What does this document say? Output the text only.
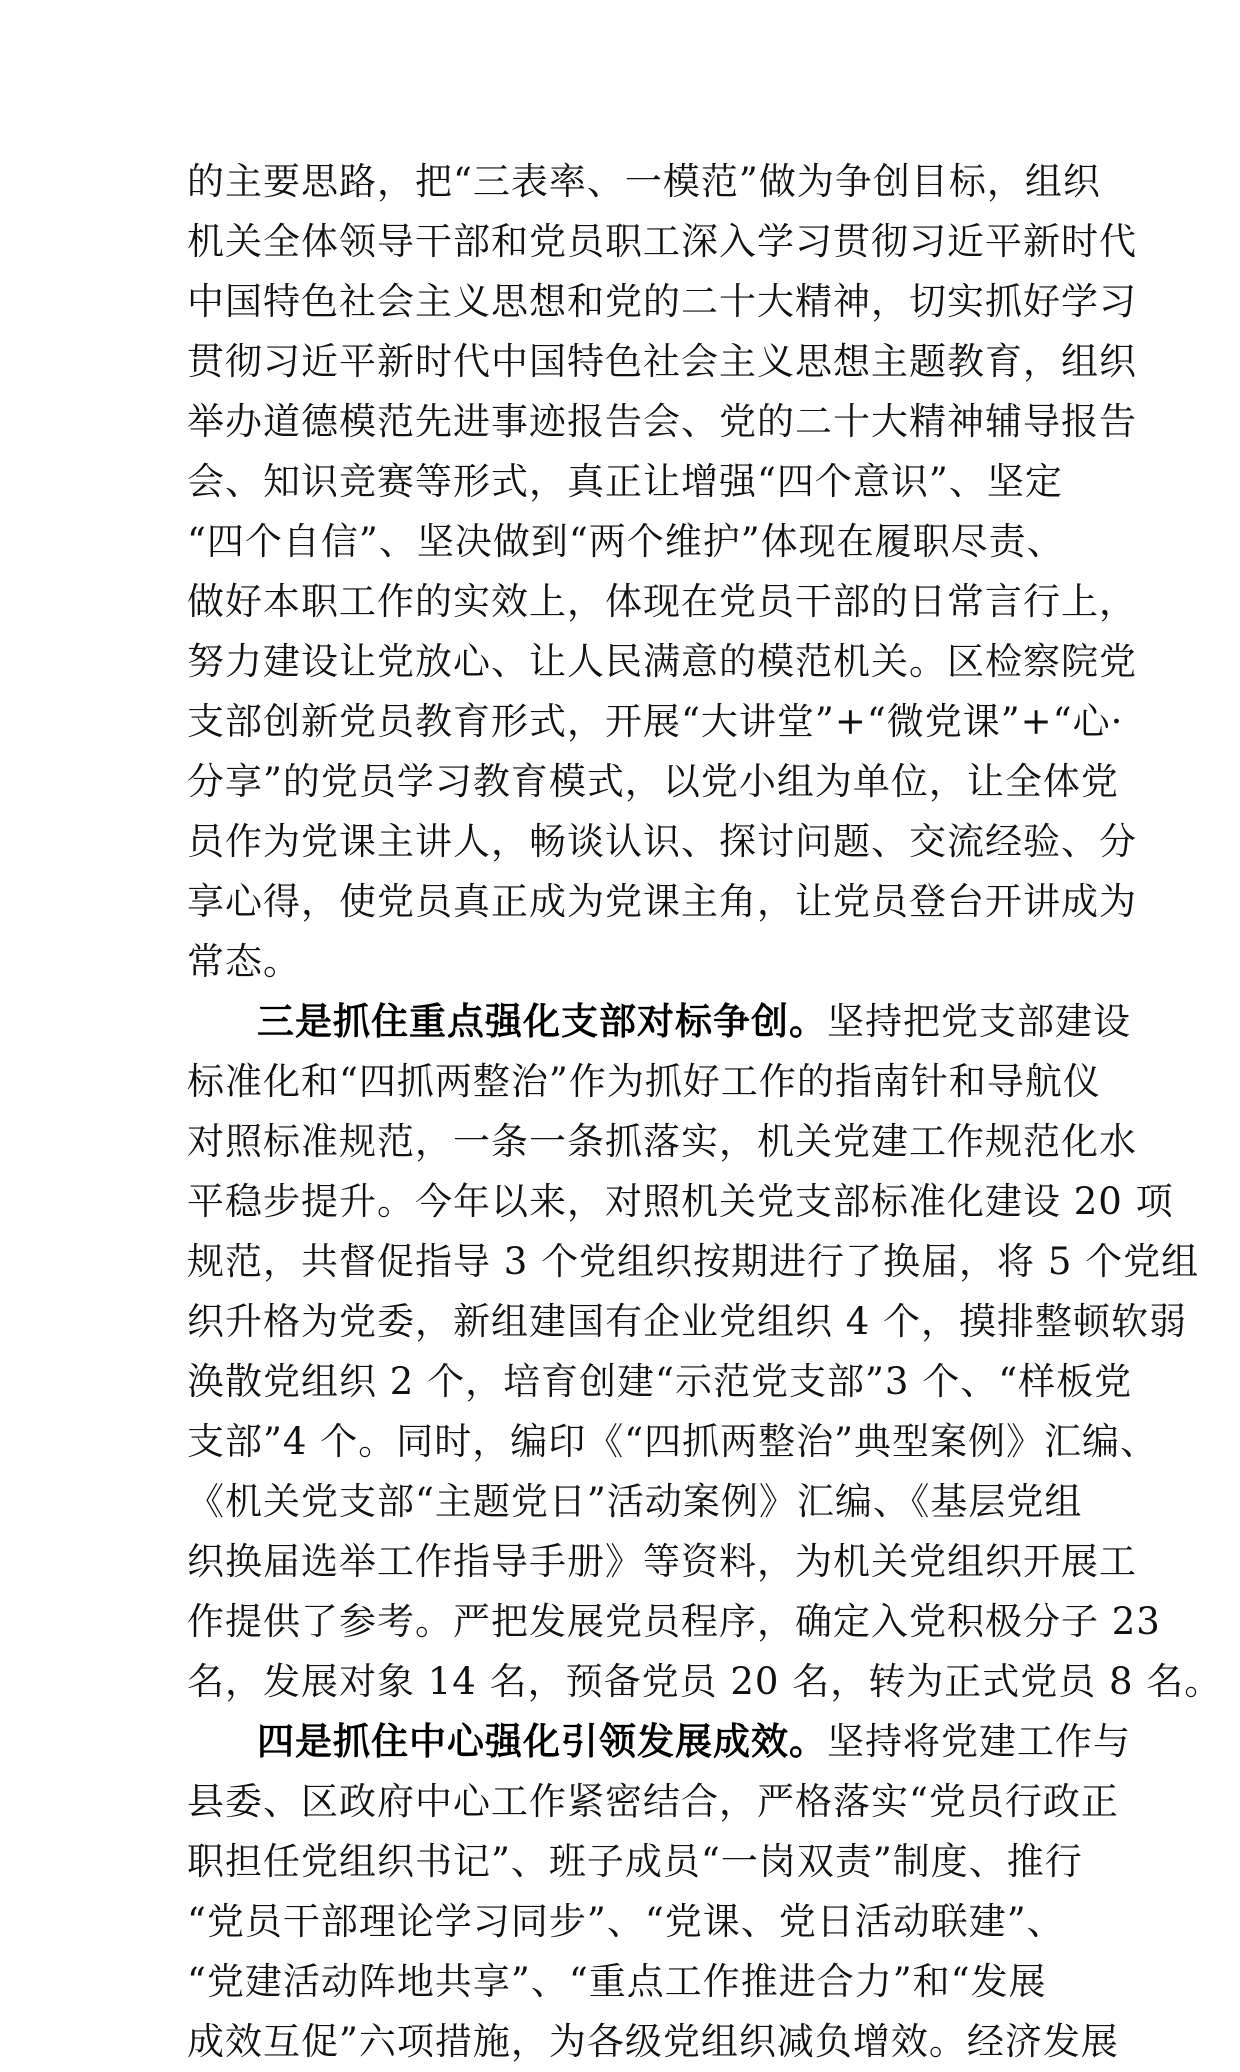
的主要思路，把“三表率、一模范”做为争创目标，组织
机关全体领导干部和党员职工深入学习贯彻习近平新时代
中国特色社会主义思想和党的二十大精神，切实抓好学习
贯彻习近平新时代中国特色社会主义思想主题教育，组织
举办道德模范先进事迹报告会、党的二十大精神辅导报告
会、知识竞赛等形式，真正让增强“四个意识”、坚定
“四个自信”、坚决做到“两个维护”体现在履职尽责、
做好本职工作的实效上，体现在党员干部的日常言行上，
努力建设让党放心、让人民满意的模范机关。区检察院党
支部创新党员教育形式，开展“大讲堂”+“微党课”+“心·
分享”的党员学习教育模式，以党小组为单位，让全体党
员作为党课主讲人，畅谈认识、探讨问题、交流经验、分
享心得，使党员真正成为党课主角，让党员登台开讲成为
常态。
三是抓住重点强化支部对标争创。坚持把党支部建设
标准化和“四抓两整治”作为抓好工作的指南针和导航仪
对照标准规范，一条一条抓落实，机关党建工作规范化水
平稳步提升。今年以来，对照机关党支部标准化建设 20 项
规范，共督促指导 3 个党组织按期进行了换届，将 5 个党组
织升格为党委，新组建国有企业党组织 4 个，摸排整顿软弱
涣散党组织 2 个，培育创建“示范党支部”3 个、“样板党
支部”4 个。同时，编印《“四抓两整治”典型案例》汇编、
《机关党支部“主题党日”活动案例》汇编、《基层党组
织换届选举工作指导手册》等资料，为机关党组织开展工
作提供了参考。严把发展党员程序，确定入党积极分子 23
名，发展对象 14 名，预备党员 20 名，转为正式党员 8 名。
四是抓住中心强化引领发展成效。坚持将党建工作与
县委、区政府中心工作紧密结合，严格落实“党员行政正
职担任党组织书记”、班子成员“一岗双责”制度、推行
“党员干部理论学习同步”、“党课、党日活动联建”、
“党建活动阵地共享”、“重点工作推进合力”和“发展
成效互促”六项措施，为各级党组织减负增效。经济发展
